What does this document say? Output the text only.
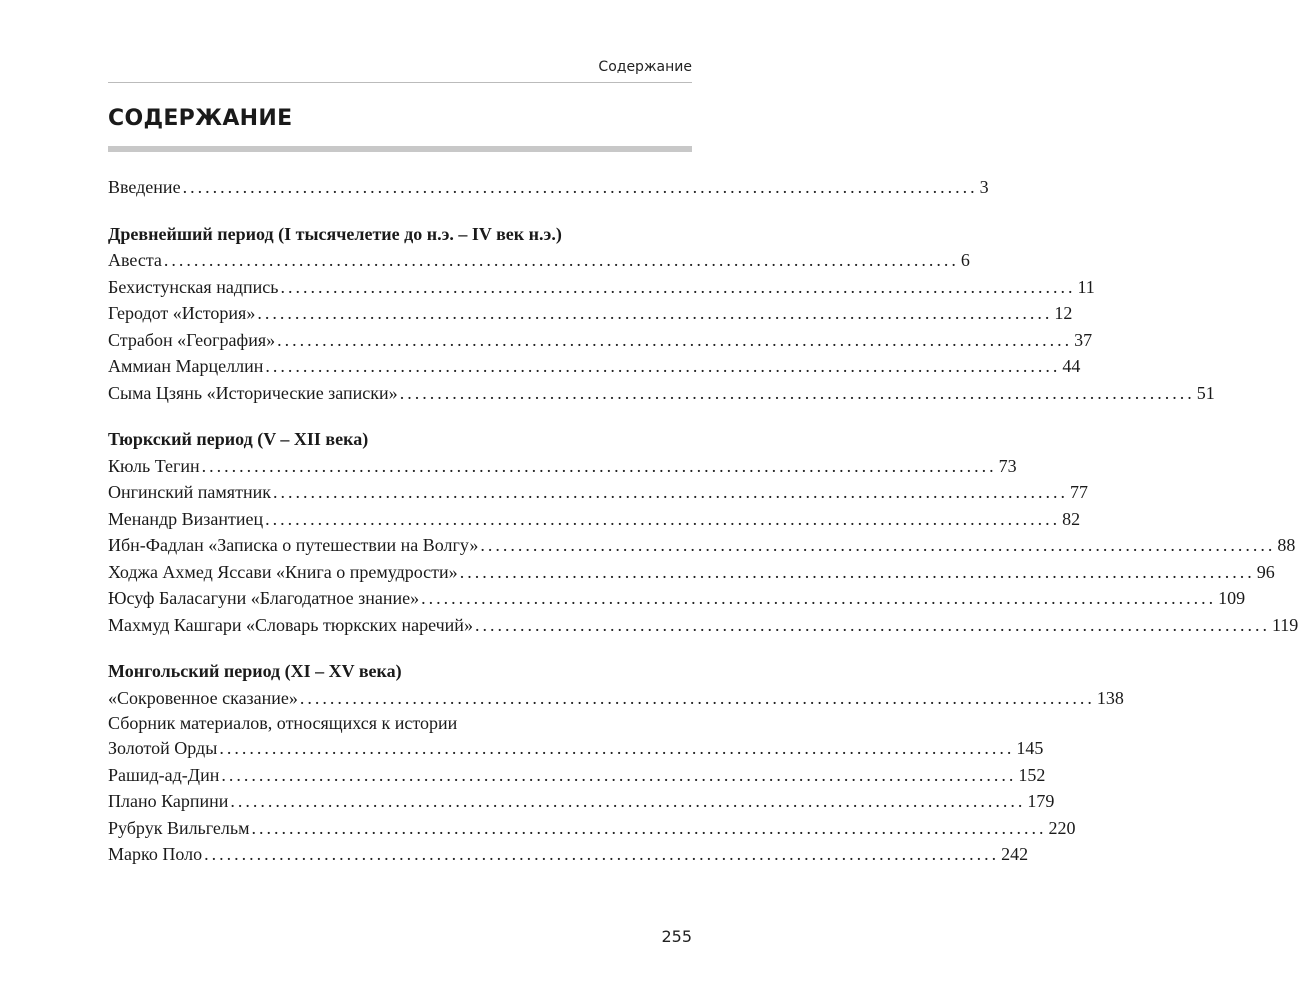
Содержание
СОДЕРЖАНИЕ
Введение .......................................................................................................... 3
Древнейший период (I тысячелетие до н.э. – IV век н.э.)
Авеста .......................................................................................................... 6
Бехистунская надпись .......................................................................................................... 11
Геродот «История» .......................................................................................................... 12
Страбон «География» .......................................................................................................... 37
Аммиан Марцеллин .......................................................................................................... 44
Сыма Цзянь «Исторические записки» .......................................................................................................... 51
Тюркский период (V – XII века)
Кюль Тегин .......................................................................................................... 73
Онгинский памятник .......................................................................................................... 77
Менандр Византиец .......................................................................................................... 82
Ибн-Фадлан «Записка о путешествии на Волгу» .......................................................................................................... 88
Ходжа Ахмед Яссави «Книга о премудрости» .......................................................................................................... 96
Юсуф Баласагуни «Благодатное знание» .......................................................................................................... 109
Махмуд Кашгари «Словарь тюркских наречий» .......................................................................................................... 119
Монгольский период (XI – XV века)
«Сокровенное сказание» .......................................................................................................... 138
Сборник материалов, относящихся к истории
Золотой Орды .......................................................................................................... 145
Рашид-ад-Дин .......................................................................................................... 152
Плано Карпини .......................................................................................................... 179
Рубрук Вильгельм .......................................................................................................... 220
Марко Поло .......................................................................................................... 242
255
